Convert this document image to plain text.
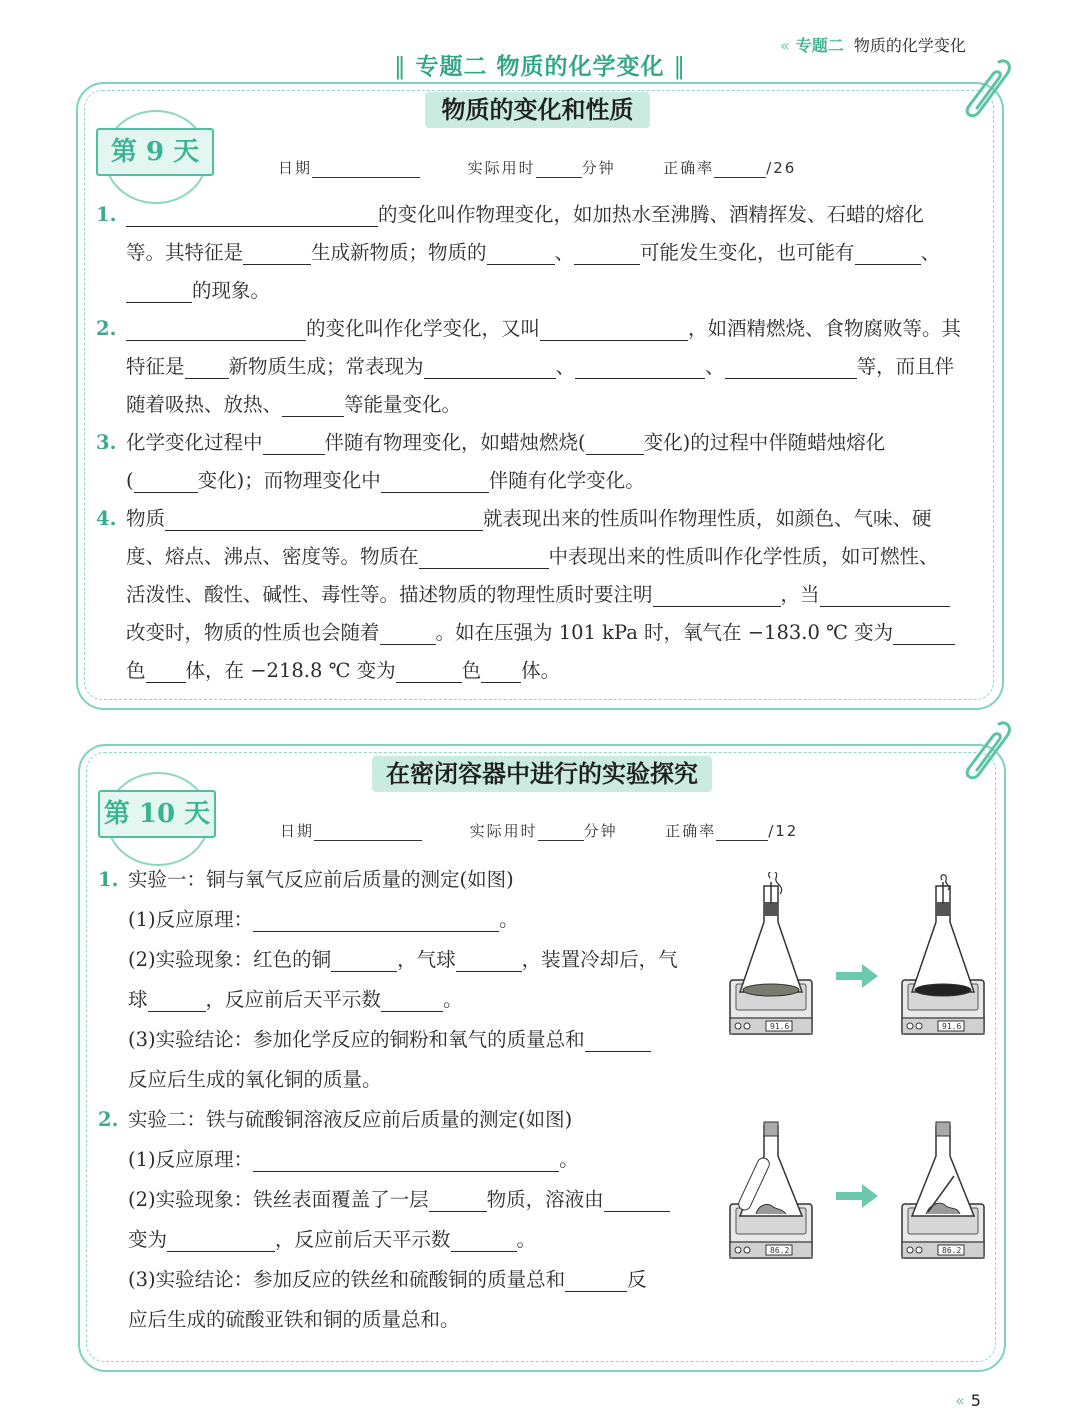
« 专题二 物质的化学变化
‖ 专题二 物质的化学变化 ‖
物质的变化和性质
第 9 天
日期	实际用时	分钟	正确率	/26
1.	的变化叫作物理变化，如加热水至沸腾、酒精挥发、石蜡的熔化
等。其特征是	生成新物质；物质的	、	可能发生变化，也可能有	、
的现象。
2.	的变化叫作化学变化，又叫	，如酒精燃烧、食物腐败等。其
特征是 新物质生成；常表现为	、	、	等，而且伴
随着吸热、放热、	等能量变化。
3. 化学变化过程中	伴随有物理变化，如蜡烛燃烧(	变化)的过程中伴随蜡烛熔化
(	变化)；而物理变化中	伴随有化学变化。
4. 物质	就表现出来的性质叫作物理性质，如颜色、气味、硬
度、熔点、沸点、密度等。物质在	中表现出来的性质叫作化学性质，如可燃性、
活泼性、酸性、碱性、毒性等。描述物质的物理性质时要注明	，当
改变时，物质的性质也会随着	。如在压强为 101 kPa 时，氧气在 −183.0 ℃ 变为
色 体，在 −218.8 ℃ 变为	色 体。
在密闭容器中进行的实验探究
第 10 天
日期	实际用时	分钟	正确率	/12
1. 实验一：铜与氧气反应前后质量的测定(如图)
(1)反应原理：	。
(2)实验现象：红色的铜	，气球	，装置冷却后，气
球	，反应前后天平示数	。
(3)实验结论：参加化学反应的铜粉和氧气的质量总和
反应后生成的氧化铜的质量。
2. 实验二：铁与硫酸铜溶液反应前后质量的测定(如图)
(1)反应原理：	。
(2)实验现象：铁丝表面覆盖了一层	物质，溶液由
变为	，反应前后天平示数	。
(3)实验结论：参加反应的铁丝和硫酸铜的质量总和	反
应后生成的硫酸亚铁和铜的质量总和。
91.6	91.6
86.2	86.2
« 5
